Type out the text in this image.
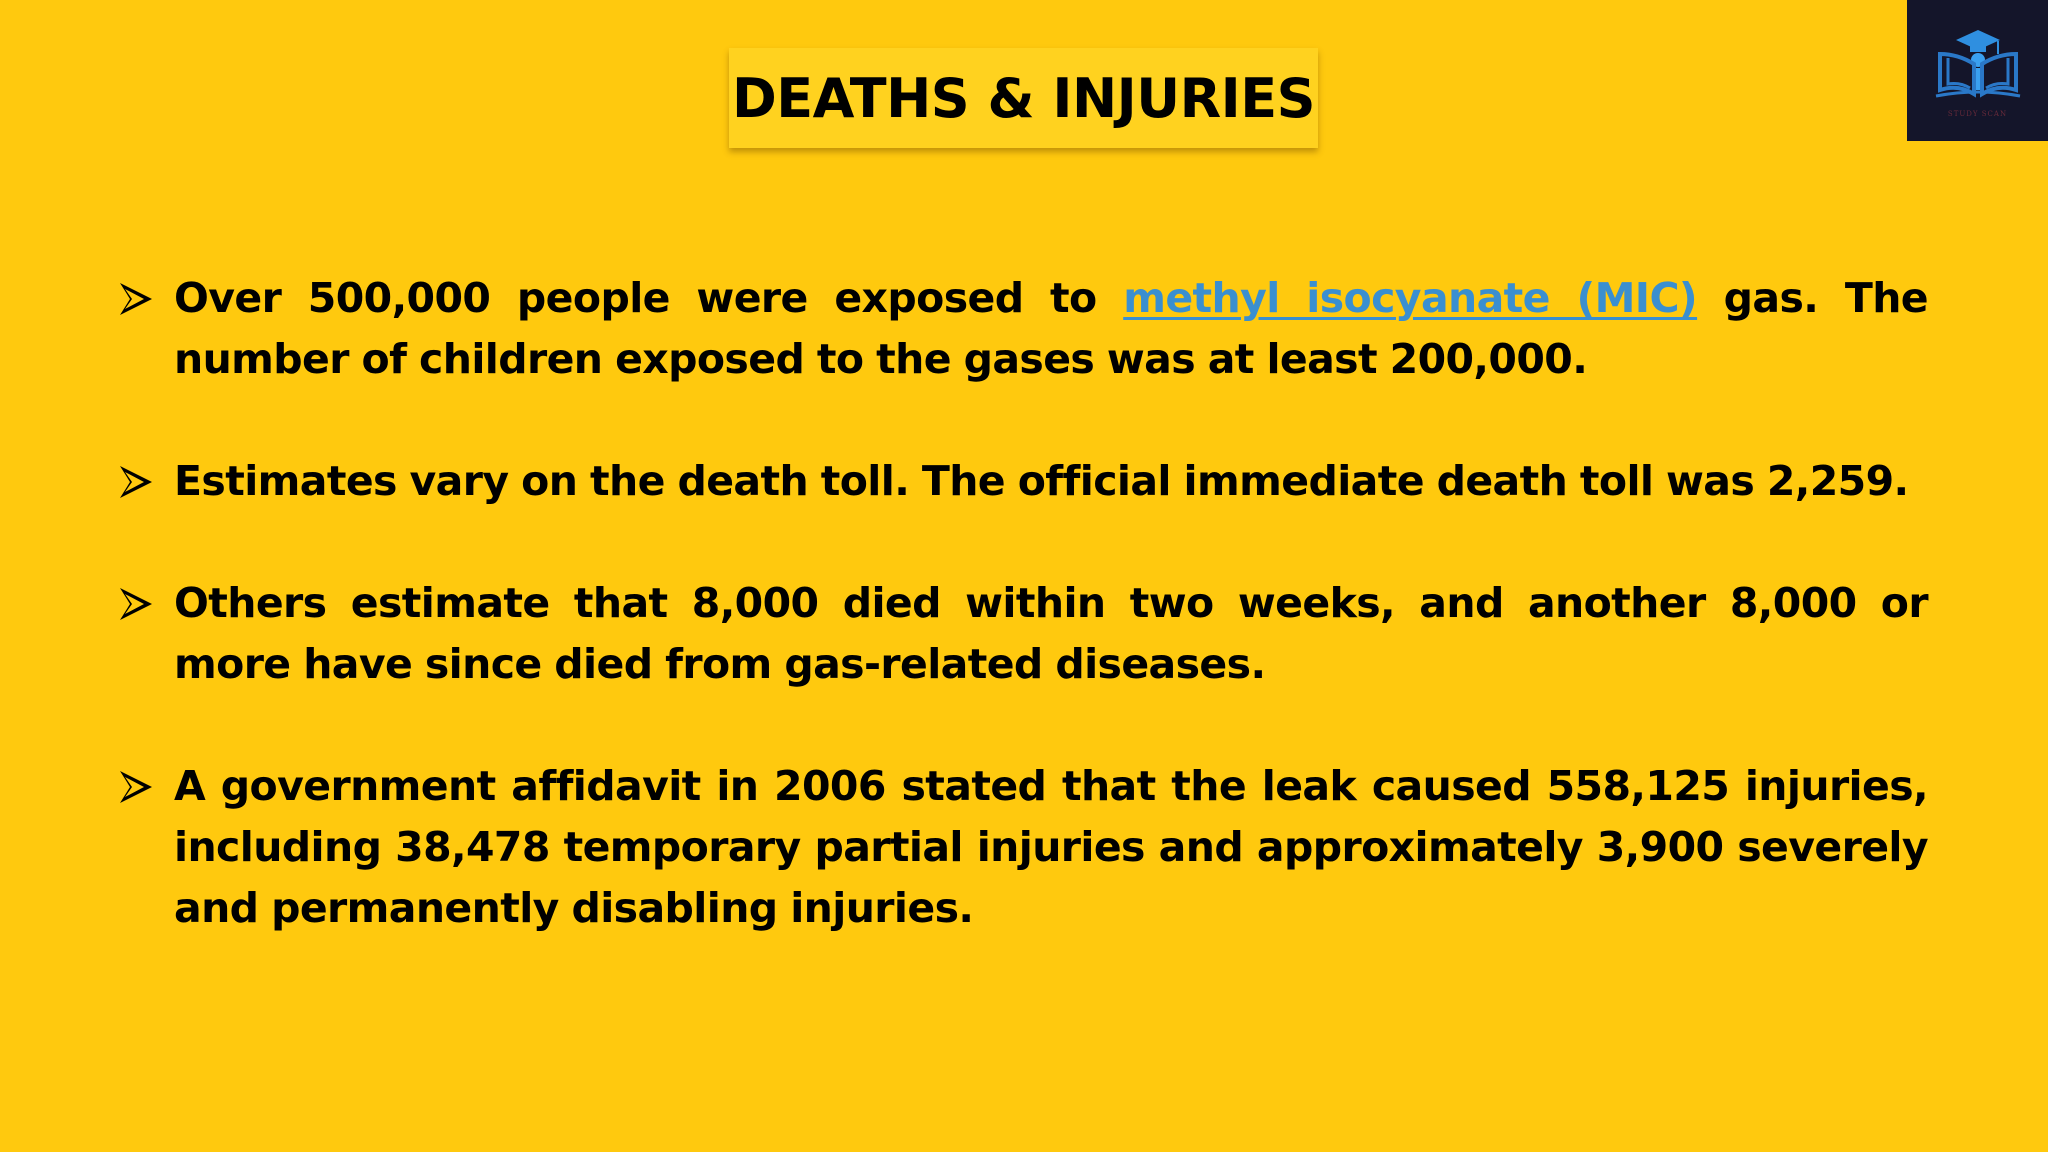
DEATHS & INJURIES	STUDY SCAN
Over 500,000 people were exposed to methyl isocyanate (MIC) gas. The number of children exposed to the gases was at least 200,000.
Estimates vary on the death toll. The official immediate death toll was 2,259.
Others estimate that 8,000 died within two weeks, and another 8,000 or more have since died from gas-related diseases.
A government affidavit in 2006 stated that the leak caused 558,125 injuries, including 38,478 temporary partial injuries and approximately 3,900 severely and permanently disabling injuries.
